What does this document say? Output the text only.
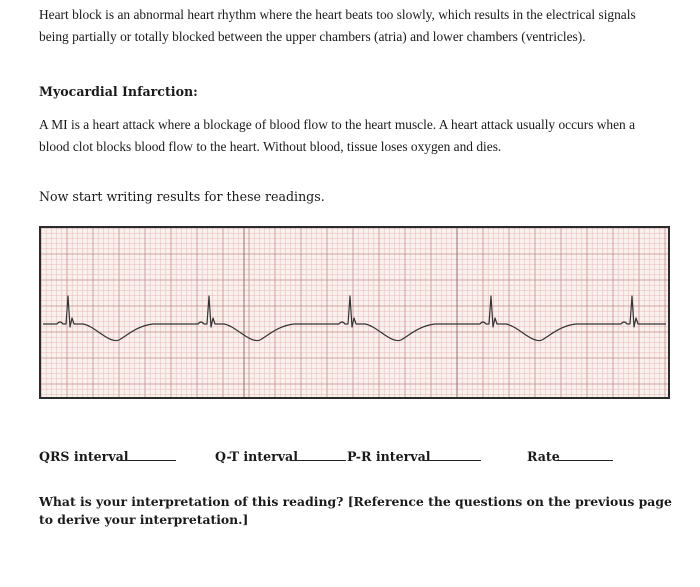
Heart block is an abnormal heart rhythm where the heart beats too slowly, which results in the electrical signals being partially or totally blocked between the upper chambers (atria) and lower chambers (ventricles).
Myocardial Infarction:
A MI is a heart attack where a blockage of blood flow to the heart muscle. A heart attack usually occurs when a blood clot blocks blood flow to the heart. Without blood, tissue loses oxygen and dies.
Now start writing results for these readings.
QRS interval	Q-T interval	P-R interval	Rate
What is your interpretation of this reading? [Reference the questions on the previous page to derive your interpretation.]
